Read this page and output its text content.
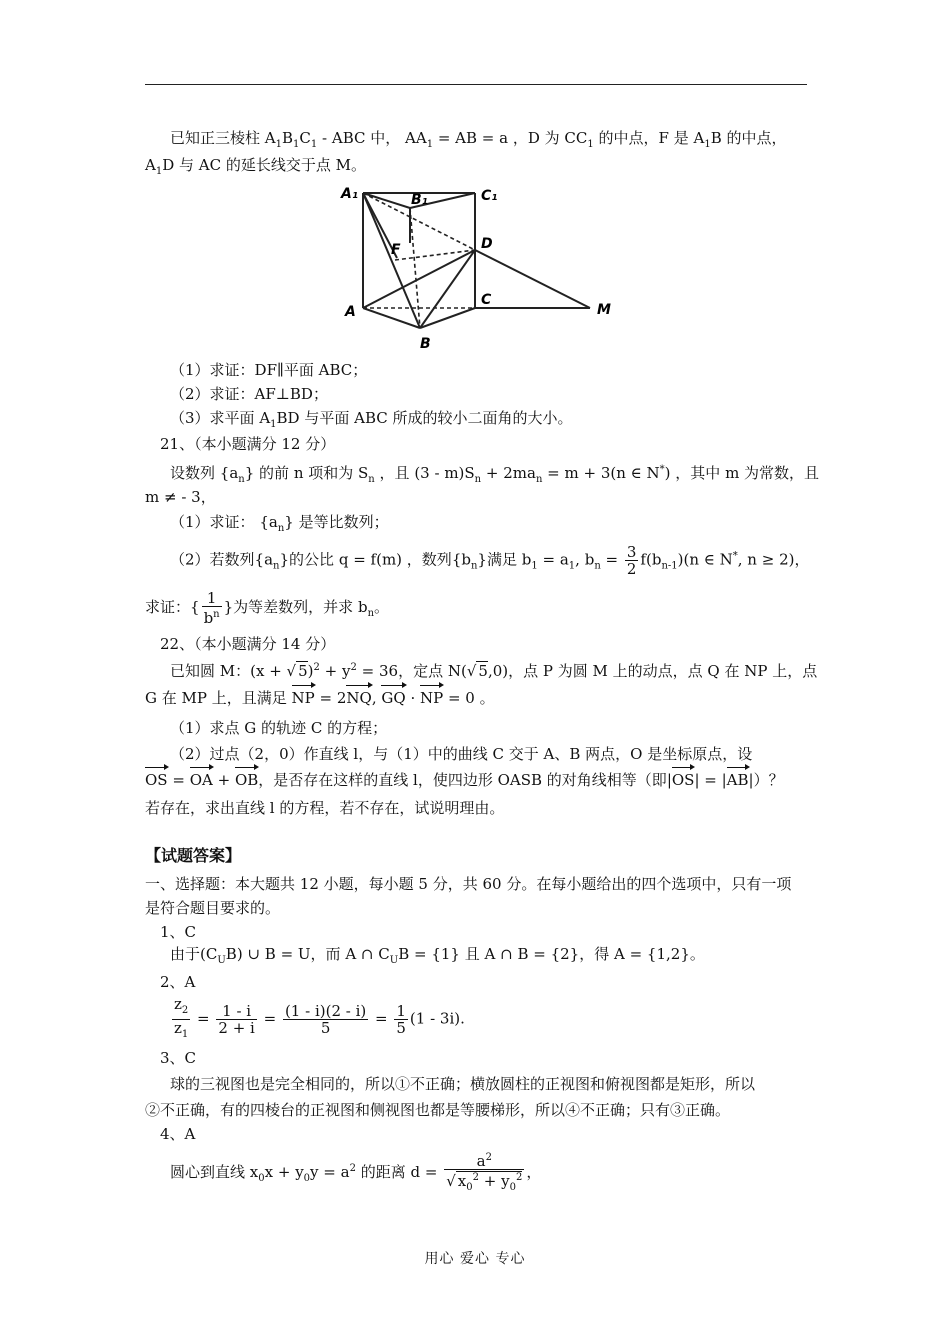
已知正三棱柱 $A_1B_1C_1$ - ABC 中， $AA_1$ = AB = a ，D 为 $CC_1$ 的中点，F 是 $A_1B$ 的中点，
$A_1D$ 与 AC 的延长线交于点 M。
A₁	B₁	C₁
F	D
A
C
B
M
（1）求证：DF∥平面 ABC；
（2）求证：AF⊥BD；
（3）求平面 $A_1BD$ 与平面 ABC 所成的较小二面角的大小。
21、（本小题满分 12 分）
设数列 $\{a_n\}$ 的前 n 项和为 $S_n$ ，且 $(3 - m)S_n + 2ma_n = m + 3(n$ ∈ N*) ，其中 m 为常数，且
m ≠ - 3，
（1）求证： $\{a_n\}$ 是等比数列；
（2）若数列$\{a_n\}$的公比 q = f(m) ，数列$\{b_n\}$满足 $b_1 = a_1$, $b_n = \frac{3}{2} f(b_{n-1})(n$ ∈ N*, n ≥ 2)，
求证：{ $\frac{1}{b^n}$ }为等差数列，并求 $b_n$。
22、（本小题满分 14 分）
已知圆 M：(x + √ $5)^2 + y^2 = 36$，定点 N(√ 5,0)，点 P 为圆 M 上的动点，点 Q 在 NP 上，点
G 在 MP 上，且满足 NP = 2NQ, GQ · NP = 0 。
（1）求点 G 的轨迹 C 的方程；
（2）过点（2，0）作直线 l，与（1）中的曲线 C 交于 A、B 两点，O 是坐标原点，设
OS = OA + OB，是否存在这样的直线 l，使四边形 OASB 的对角线相等（即|OS| = |AB|）？
若存在，求出直线 l 的方程，若不存在，试说明理由。
【试题答案】
一、选择题：本大题共 12 小题，每小题 5 分，共 60 分。在每小题给出的四个选项中，只有一项
是符合题目要求的。
1、C
由于$(C_UB)$ ∪ B = U，而 A ∩ $C_UB = \{1\}$ 且 A ∩ B = {2}，得 A = {1,2}。
2、A
$\frac{z_2}{z_1} = \frac{1 - i}{2 + i} = \frac{(1 - i)(2 - i)}{5} = \frac{1}{5} (1 - 3i)$.
3、C
球的三视图也是完全相同的，所以①不正确；横放圆柱的正视图和俯视图都是矩形，所以
②不正确，有的四棱台的正视图和侧视图也都是等腰梯形，所以④不正确；只有③正确。
4、A
圆心到直线 $x_0x + y_0y = a^2$ 的距离 $d = \frac{a^2}{√ x_0^2 + y_0^2}$ ，
用心 爱心 专心
